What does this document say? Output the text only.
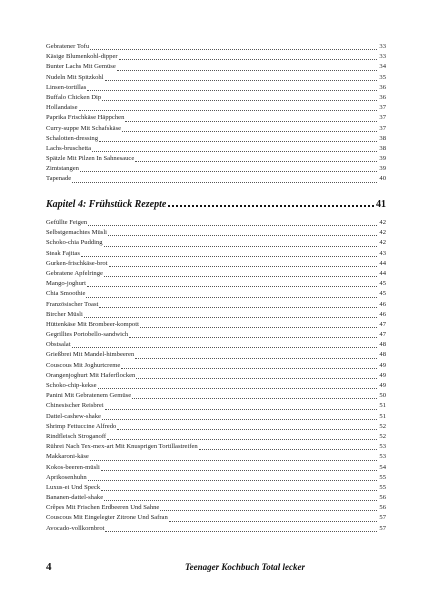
Gebratener Tofu	33
Käsige Blumenkohl-dipper	33
Bunter Lachs Mit Gemüse	34
Nudeln Mit Spitzkohl	35
Linsen-tortillas	36
Buffalo Chicken Dip	36
Hollandaise	37
Paprika Frischkäse Häppchen	37
Curry-suppe Mit Schafskäse	37
Schalotten-dressing	38
Lachs-bruschetta	38
Spätzle Mit Pilzen In Sahnesauce	39
Zimtstangen	39
Tapenade	40
Kapitel 4: Frühstück Rezepte	41
Gefüllte Feigen	42
Selbstgemachtes Müsli	42
Schoko-chia Pudding	42
Steak Fajitas	43
Gurken-frischkäse-brot	44
Gebratene Apfelringe	44
Mango-joghurt	45
Chia Smoothie	45
Französischer Toast	46
Bircher Müsli	46
Hüttenkäse Mit Brombeer-kompott	47
Gegrilltes Portobello-sandwich	47
Obstsalat	48
Grießbrei Mit Mandel-himbeeren	48
Couscous Mit Joghurtcreme	49
Orangenjoghurt Mit Haferflocken	49
Schoko-chip-kekse	49
Panini Mit Gebratenem Gemüse	50
Chinesischer Reisbrei	51
Dattel-cashew-shake	51
Shrimp Fettuccine Alfredo	52
Rindfleisch Stroganoff	52
Rührei Nach Tex-mex-art Mit Knusprigen Tortillastreifen	53
Makkaroni-käse	53
Kokos-beeren-müsli	54
Aprikosenhuhn	55
Luxus-ei Und Speck	55
Bananen-dattel-shake	56
Crêpes Mit Frischen Erdbeeren Und Sahne	56
Couscous Mit Eingelegter Zitrone Und Safran	57
Avocado-vollkornbrot	57
4	Teenager Kochbuch Total lecker
